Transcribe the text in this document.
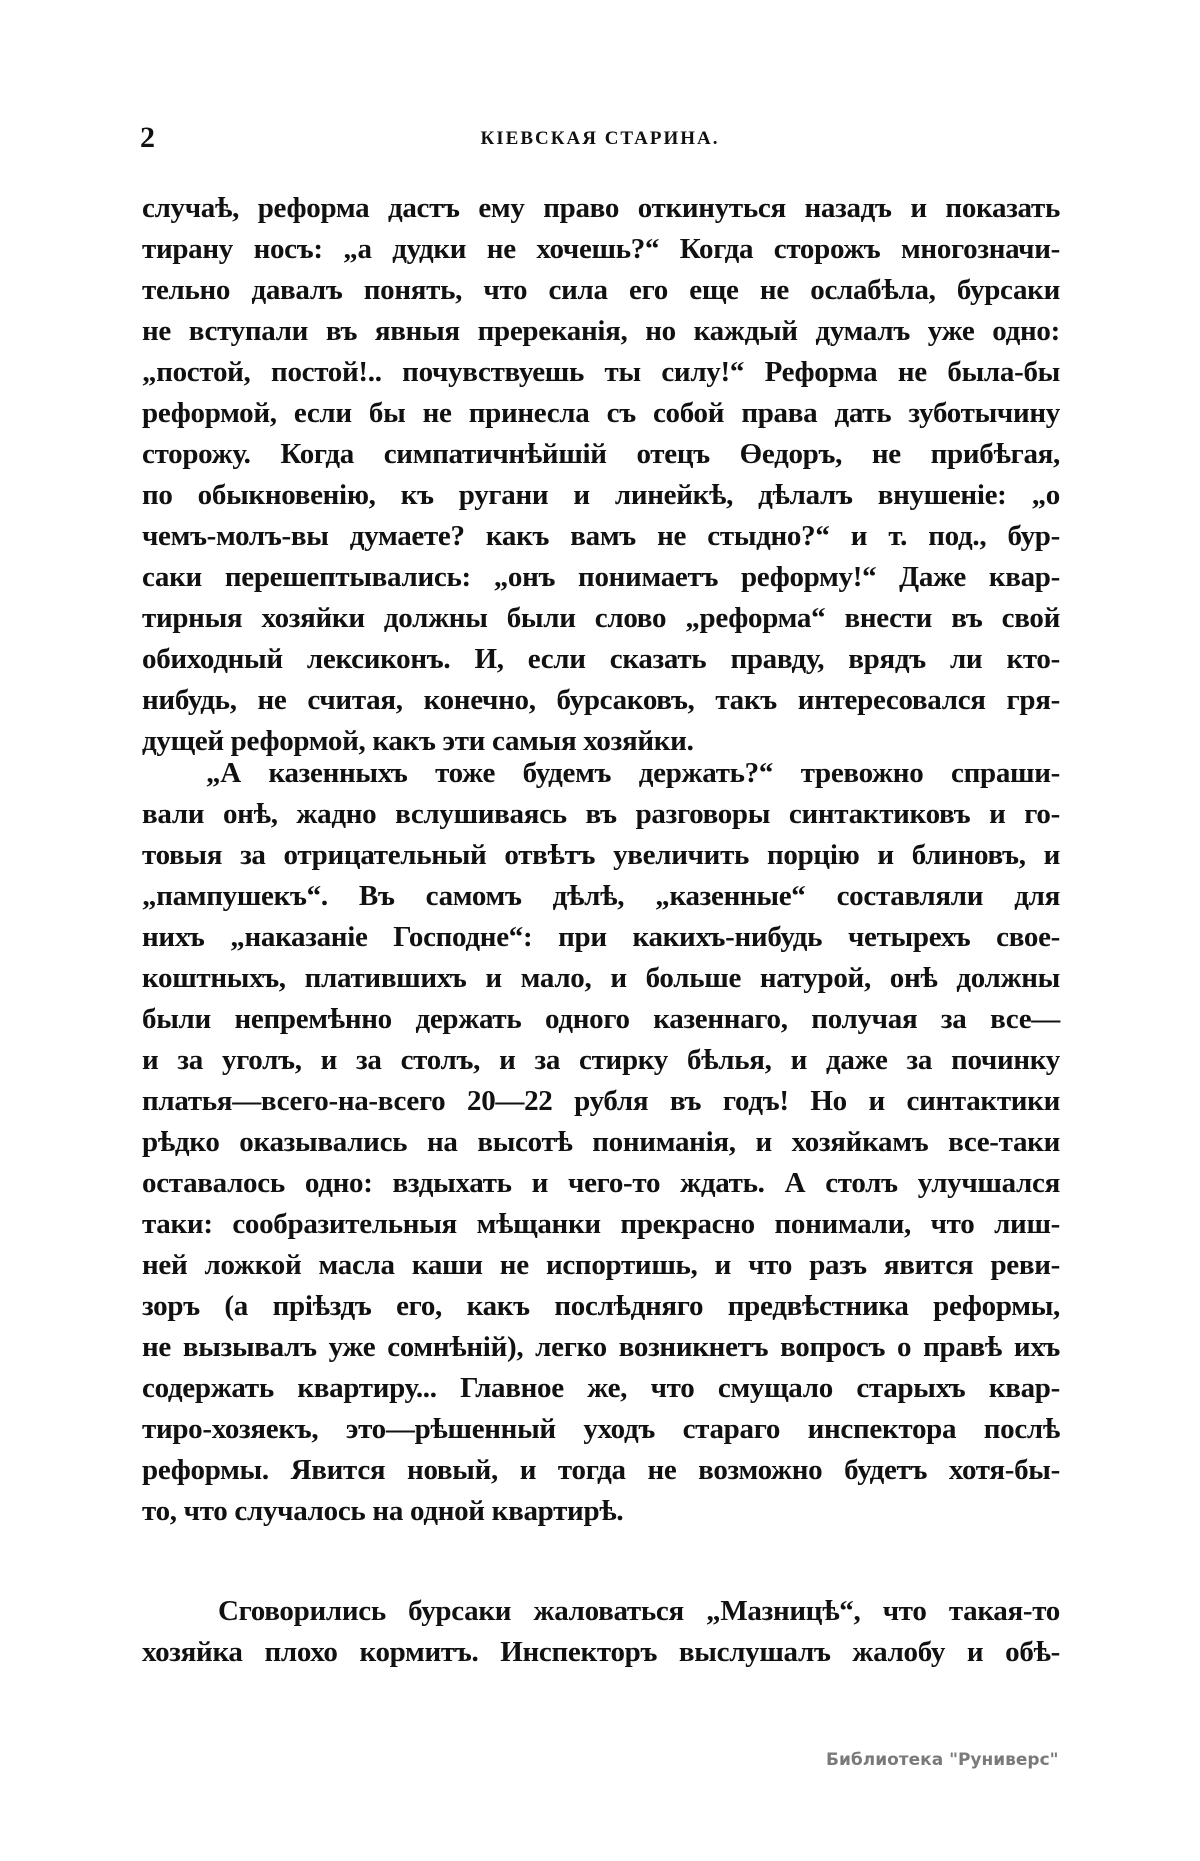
2	КІЕВСКАЯ СТАРИНА.
случаѣ, реформа дастъ ему право откинуться назадъ и показать
тирану носъ: „а дудки не хочешь?“ Когда сторожъ многозначи-
тельно давалъ понять, что сила его еще не ослабѣла, бурсаки
не вступали въ явныя пререканія, но каждый думалъ уже одно:
„постой, постой!.. почувствуешь ты силу!“ Реформа не была-бы
реформой, если бы не принесла съ собой права дать зуботычину
сторожу. Когда симпатичнѣйшій отецъ Өедоръ, не прибѣгая,
по обыкновенію, къ ругани и линейкѣ, дѣлалъ внушеніе: „о
чемъ-молъ-вы думаете? какъ вамъ не стыдно?“ и т. под., бур-
саки перешептывались: „онъ понимаетъ реформу!“ Даже квар-
тирныя хозяйки должны были слово „реформа“ внести въ свой
обиходный лексиконъ. И, если сказать правду, врядъ ли кто-
нибудь, не считая, конечно, бурсаковъ, такъ интересовался гря-
дущей реформой, какъ эти самыя хозяйки.
„А казенныхъ тоже будемъ держать?“ тревожно спраши-
вали онѣ, жадно вслушиваясь въ разговоры синтактиковъ и го-
товыя за отрицательный отвѣтъ увеличить порцію и блиновъ, и
„пампушекъ“. Въ самомъ дѣлѣ, „казенные“ составляли для
нихъ „наказаніе Господне“: при какихъ-нибудь четырехъ свое-
коштныхъ, платившихъ и мало, и больше натурой, онѣ должны
были непремѣнно держать одного казеннаго, получая за все—
и за уголъ, и за столъ, и за стирку бѣлья, и даже за починку
платья—всего-на-всего 20—22 рубля въ годъ! Но и синтактики
рѣдко оказывались на высотѣ пониманія, и хозяйкамъ все-таки
оставалось одно: вздыхать и чего-то ждать. А столъ улучшался
таки: сообразительныя мѣщанки прекрасно понимали, что лиш-
ней ложкой масла каши не испортишь, и что разъ явится реви-
зоръ (а пріѣздъ его, какъ послѣдняго предвѣстника реформы,
не вызывалъ уже сомнѣній), легко возникнетъ вопросъ о правѣ ихъ
содержать квартиру... Главное же, что смущало старыхъ квар-
тиро-хозяекъ, это—рѣшенный уходъ стараго инспектора послѣ
реформы. Явится новый, и тогда не возможно будетъ хотя-бы-
то, что случалось на одной квартирѣ.
Сговорились бурсаки жаловаться „Мазницѣ“, что такая-то
хозяйка плохо кормитъ. Инспекторъ выслушалъ жалобу и обѣ-
Библиотека "Руниверс"
